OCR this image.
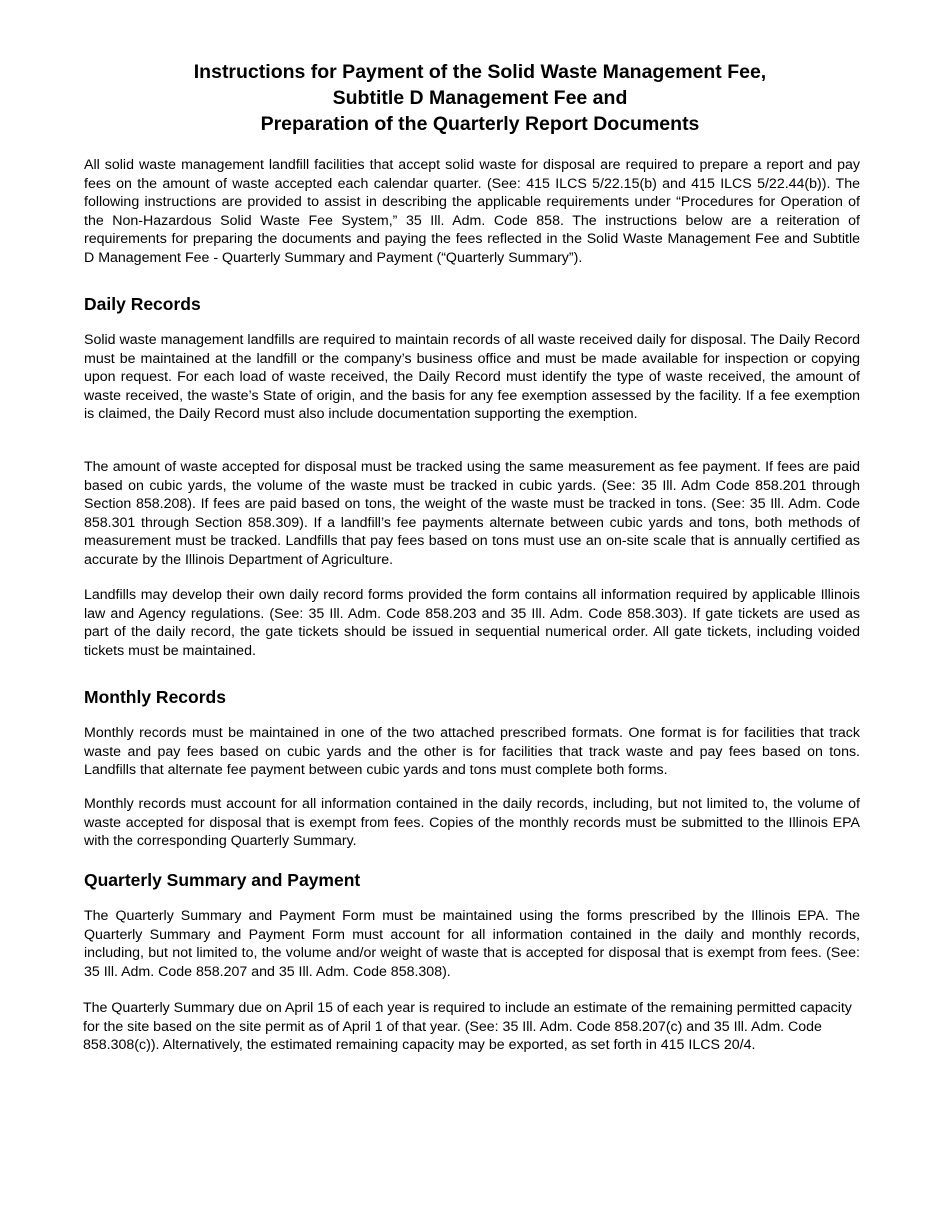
Instructions for Payment of the Solid Waste Management Fee,

Subtitle D Management Fee and

Preparation of the Quarterly Report Documents

All solid waste management landfill facilities that accept solid waste for disposal are required to prepare a report and pay fees on the amount of waste accepted each calendar quarter. (See: 415 ILCS 5/22.15(b) and 415 ILCS 5/22.44(b)). The following instructions are provided to assist in describing the applicable requirements under “Procedures for Operation of the Non-Hazardous Solid Waste Fee System,” 35 Ill. Adm. Code 858. The instructions below are a reiteration of requirements for preparing the documents and paying the fees reflected in the Solid Waste Management Fee and Subtitle D Management Fee - Quarterly Summary and Payment (“Quarterly Summary”).

Daily Records

Solid waste management landfills are required to maintain records of all waste received daily for disposal. The Daily Record must be maintained at the landfill or the company’s business office and must be made available for inspection or copying upon request. For each load of waste received, the Daily Record must identify the type of waste received, the amount of waste received, the waste’s State of origin, and the basis for any fee exemption assessed by the facility. If a fee exemption is claimed, the Daily Record must also include documentation supporting the exemption.

The amount of waste accepted for disposal must be tracked using the same measurement as fee payment. If fees are paid based on cubic yards, the volume of the waste must be tracked in cubic yards. (See: 35 Ill. Adm Code 858.201 through Section 858.208). If fees are paid based on tons, the weight of the waste must be tracked in tons. (See: 35 Ill. Adm. Code 858.301 through Section 858.309). If a landfill’s fee payments alternate between cubic yards and tons, both methods of measurement must be tracked. Landfills that pay fees based on tons must use an on-site scale that is annually certified as accurate by the Illinois Department of Agriculture.

Landfills may develop their own daily record forms provided the form contains all information required by applicable Illinois law and Agency regulations. (See: 35 Ill. Adm. Code 858.203 and 35 Ill. Adm. Code 858.303). If gate tickets are used as part of the daily record, the gate tickets should be issued in sequential numerical order. All gate tickets, including voided tickets must be maintained.

Monthly Records

Monthly records must be maintained in one of the two attached prescribed formats. One format is for facilities that track waste and pay fees based on cubic yards and the other is for facilities that track waste and pay fees based on tons. Landfills that alternate fee payment between cubic yards and tons must complete both forms.

Monthly records must account for all information contained in the daily records, including, but not limited to, the volume of waste accepted for disposal that is exempt from fees. Copies of the monthly records must be submitted to the Illinois EPA with the corresponding Quarterly Summary.

Quarterly Summary and Payment

The Quarterly Summary and Payment Form must be maintained using the forms prescribed by the Illinois EPA. The Quarterly Summary and Payment Form must account for all information contained in the daily and monthly records, including, but not limited to, the volume and/or weight of waste that is accepted for disposal that is exempt from fees. (See: 35 Ill. Adm. Code 858.207 and 35 Ill. Adm. Code 858.308).

The Quarterly Summary due on April 15 of each year is required to include an estimate of the remaining permitted capacity for the site based on the site permit as of April 1 of that year. (See: 35 Ill. Adm. Code 858.207(c) and 35 Ill. Adm. Code 858.308(c)). Alternatively, the estimated remaining capacity may be exported, as set forth in 415 ILCS 20/4.
